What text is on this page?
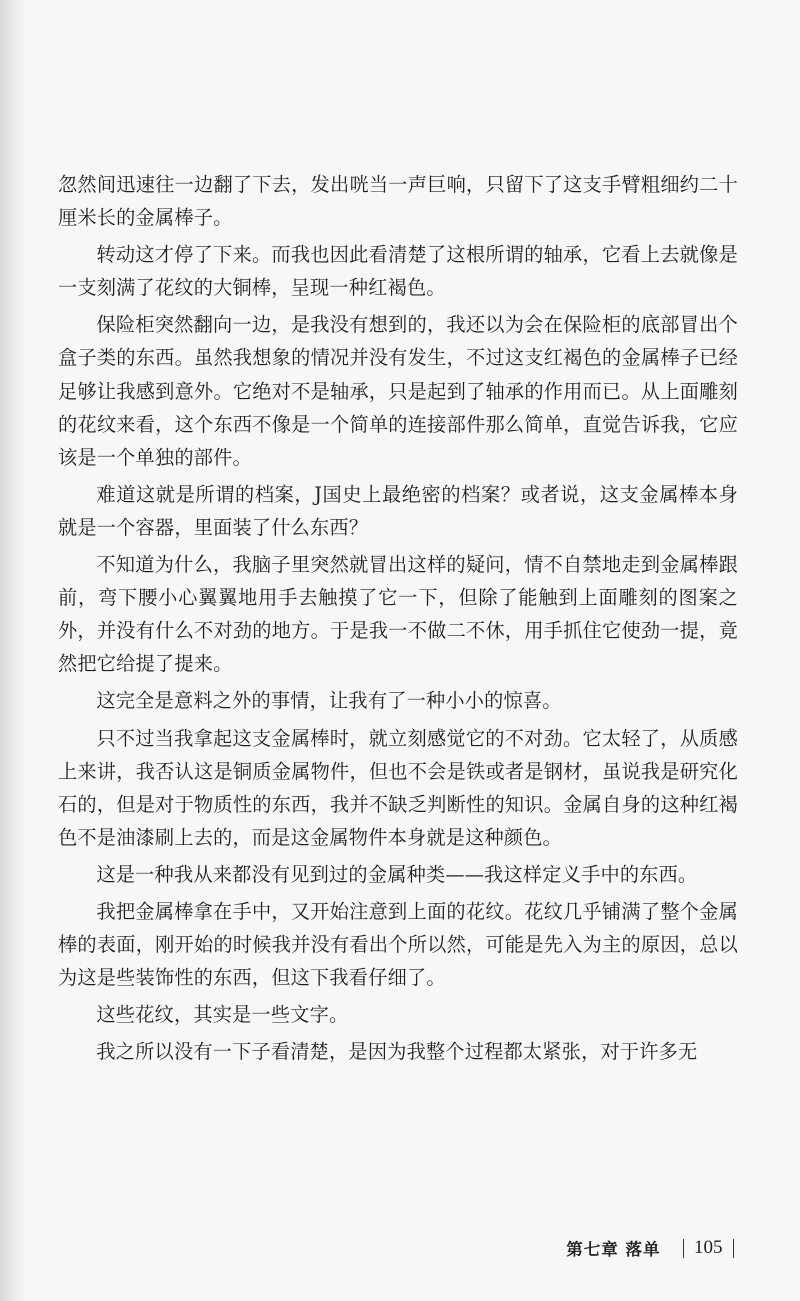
忽然间迅速往一边翻了下去，发出咣当一声巨响，只留下了这支手臂粗细约二十厘米长的金属棒子。

转动这才停了下来。而我也因此看清楚了这根所谓的轴承，它看上去就像是一支刻满了花纹的大铜棒，呈现一种红褐色。

保险柜突然翻向一边，是我没有想到的，我还以为会在保险柜的底部冒出个盒子类的东西。虽然我想象的情况并没有发生，不过这支红褐色的金属棒子已经足够让我感到意外。它绝对不是轴承，只是起到了轴承的作用而已。从上面雕刻的花纹来看，这个东西不像是一个简单的连接部件那么简单，直觉告诉我，它应该是一个单独的部件。

难道这就是所谓的档案，J国史上最绝密的档案？或者说，这支金属棒本身就是一个容器，里面装了什么东西？

不知道为什么，我脑子里突然就冒出这样的疑问，情不自禁地走到金属棒跟前，弯下腰小心翼翼地用手去触摸了它一下，但除了能触到上面雕刻的图案之外，并没有什么不对劲的地方。于是我一不做二不休，用手抓住它使劲一提，竟然把它给提了提来。

这完全是意料之外的事情，让我有了一种小小的惊喜。

只不过当我拿起这支金属棒时，就立刻感觉它的不对劲。它太轻了，从质感上来讲，我否认这是铜质金属物件，但也不会是铁或者是钢材，虽说我是研究化石的，但是对于物质性的东西，我并不缺乏判断性的知识。金属自身的这种红褐色不是油漆刷上去的，而是这金属物件本身就是这种颜色。

这是一种我从来都没有见到过的金属种类——我这样定义手中的东西。

我把金属棒拿在手中，又开始注意到上面的花纹。花纹几乎铺满了整个金属棒的表面，刚开始的时候我并没有看出个所以然，可能是先入为主的原因，总以为这是些装饰性的东西，但这下我看仔细了。

这些花纹，其实是一些文字。

我之所以没有一下子看清楚，是因为我整个过程都太紧张，对于许多无

第七章 落单 105
